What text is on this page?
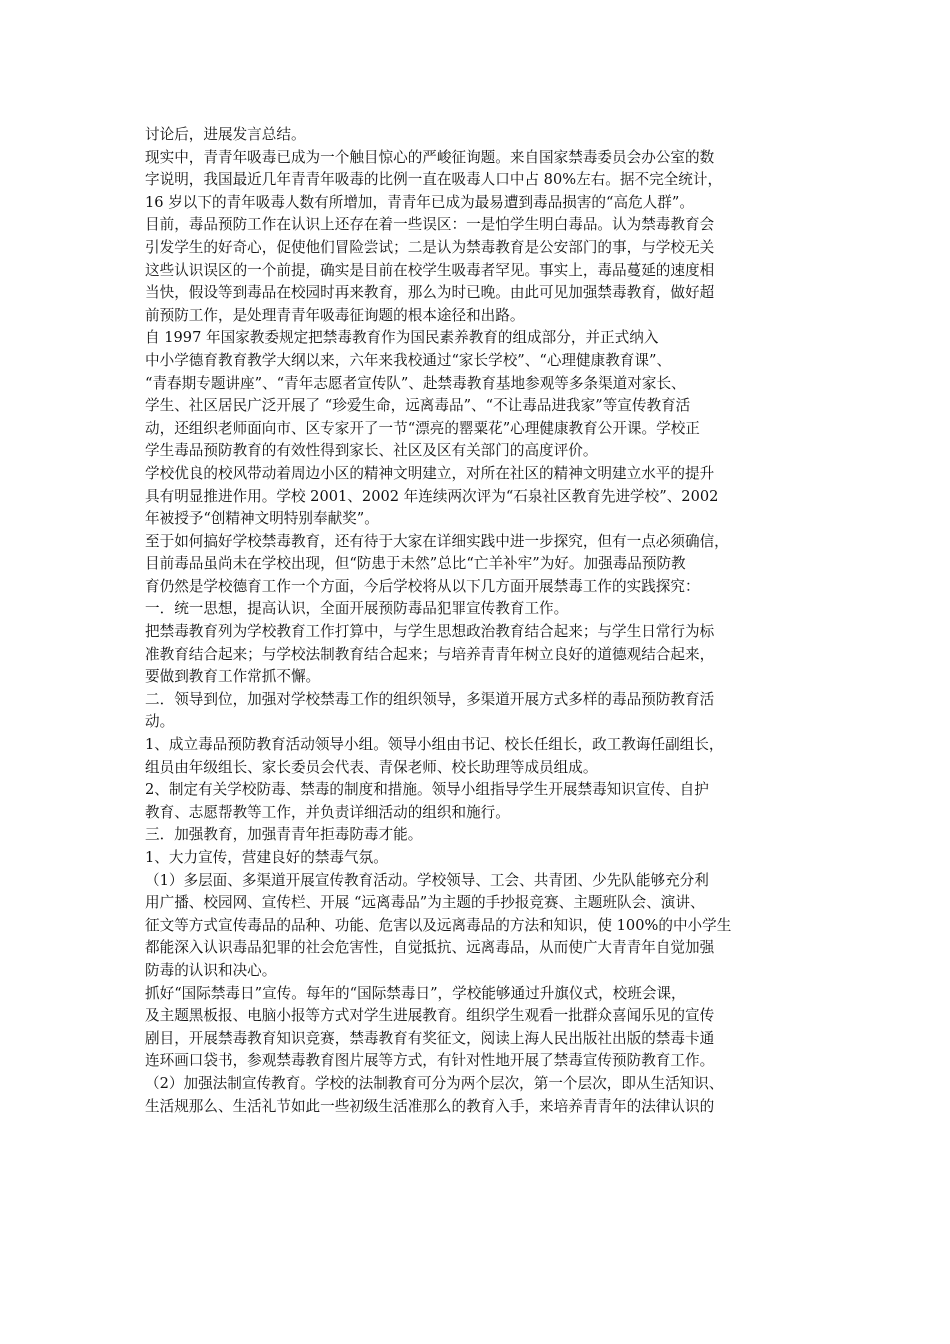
讨论后，进展发言总结。
现实中，青青年吸毒已成为一个触目惊心的严峻征询题。来自国家禁毒委员会办公室的数
字说明，我国最近几年青青年吸毒的比例一直在吸毒人口中占 80%左右。据不完全统计，
16 岁以下的青年吸毒人数有所增加，青青年已成为最易遭到毒品损害的“高危人群”。
目前，毒品预防工作在认识上还存在着一些误区：一是怕学生明白毒品。认为禁毒教育会
引发学生的好奇心，促使他们冒险尝试；二是认为禁毒教育是公安部门的事，与学校无关
这些认识误区的一个前提，确实是目前在校学生吸毒者罕见。事实上，毒品蔓延的速度相
当快，假设等到毒品在校园时再来教育，那么为时已晚。由此可见加强禁毒教育，做好超
前预防工作，是处理青青年吸毒征询题的根本途径和出路。
自 1997 年国家教委规定把禁毒教育作为国民素养教育的组成部分，并正式纳入
中小学德育教育教学大纲以来，六年来我校通过“家长学校”、“心理健康教育课”、
“青春期专题讲座”、“青年志愿者宣传队”、赴禁毒教育基地参观等多条渠道对家长、
学生、社区居民广泛开展了 “珍爱生命，远离毒品”、“不让毒品进我家”等宣传教育活
动，还组织老师面向市、区专家开了一节“漂亮的罂粟花”心理健康教育公开课。学校正
学生毒品预防教育的有效性得到家长、社区及区有关部门的高度评价。
学校优良的校风带动着周边小区的精神文明建立，对所在社区的精神文明建立水平的提升
具有明显推进作用。学校 2001、2002 年连续两次评为“石泉社区教育先进学校”、2002
年被授予“创精神文明特别奉献奖”。
至于如何搞好学校禁毒教育，还有待于大家在详细实践中进一步探究，但有一点必须确信，
目前毒品虽尚未在学校出现，但“防患于未然”总比“亡羊补牢”为好。加强毒品预防教
育仍然是学校德育工作一个方面，今后学校将从以下几方面开展禁毒工作的实践探究：
一．统一思想，提高认识，全面开展预防毒品犯罪宣传教育工作。
把禁毒教育列为学校教育工作打算中，与学生思想政治教育结合起来；与学生日常行为标
准教育结合起来；与学校法制教育结合起来；与培养青青年树立良好的道德观结合起来，
要做到教育工作常抓不懈。
二．领导到位，加强对学校禁毒工作的组织领导，多渠道开展方式多样的毒品预防教育活
动。
1、成立毒品预防教育活动领导小组。领导小组由书记、校长任组长，政工教诲任副组长，
组员由年级组长、家长委员会代表、青保老师、校长助理等成员组成。
2、制定有关学校防毒、禁毒的制度和措施。领导小组指导学生开展禁毒知识宣传、自护
教育、志愿帮教等工作，并负责详细活动的组织和施行。
三．加强教育，加强青青年拒毒防毒才能。
1、大力宣传，营建良好的禁毒气氛。
（1）多层面、多渠道开展宣传教育活动。学校领导、工会、共青团、少先队能够充分利
用广播、校园网、宣传栏、开展 “远离毒品”为主题的手抄报竞赛、主题班队会、演讲、
征文等方式宣传毒品的品种、功能、危害以及远离毒品的方法和知识，使 100%的中小学生
都能深入认识毒品犯罪的社会危害性，自觉抵抗、远离毒品，从而使广大青青年自觉加强
防毒的认识和决心。
抓好“国际禁毒日”宣传。每年的“国际禁毒日”，学校能够通过升旗仪式，校班会课，
及主题黑板报、电脑小报等方式对学生进展教育。组织学生观看一批群众喜闻乐见的宣传
剧目，开展禁毒教育知识竞赛，禁毒教育有奖征文，阅读上海人民出版社出版的禁毒卡通
连环画口袋书，参观禁毒教育图片展等方式，有针对性地开展了禁毒宣传预防教育工作。
（2）加强法制宣传教育。学校的法制教育可分为两个层次，第一个层次，即从生活知识、
生活规那么、生活礼节如此一些初级生活准那么的教育入手，来培养青青年的法律认识的
